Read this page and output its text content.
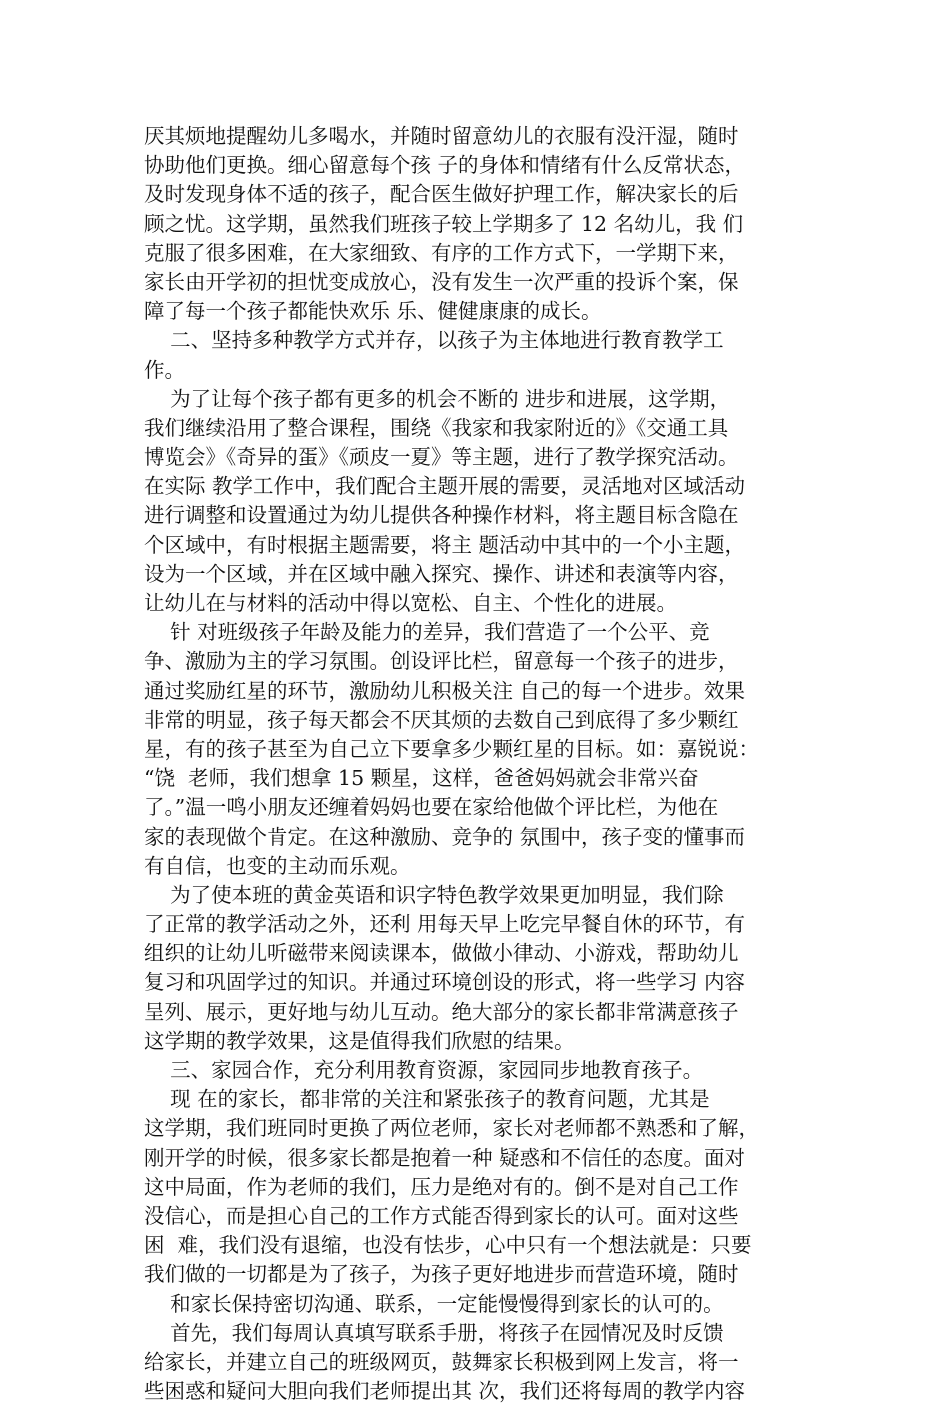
厌其烦地提醒幼儿多喝水，并随时留意幼儿的衣服有没汗湿，随时
协助他们更换。细心留意每个孩 子的身体和情绪有什么反常状态，
及时发现身体不适的孩子，配合医生做好护理工作，解决家长的后
顾之忧。这学期，虽然我们班孩子较上学期多了 12 名幼儿，我 们
克服了很多困难，在大家细致、有序的工作方式下，一学期下来，
家长由开学初的担忧变成放心，没有发生一次严重的投诉个案，保
障了每一个孩子都能快欢乐 乐、健健康康的成长。
二、坚持多种教学方式并存，以孩子为主体地进行教育教学工
作。
为了让每个孩子都有更多的机会不断的 进步和进展，这学期，
我们继续沿用了整合课程，围绕《我家和我家附近的》《交通工具
博览会》《奇异的蛋》《顽皮一夏》等主题，进行了教学探究活动。
在实际 教学工作中，我们配合主题开展的需要，灵活地对区域活动
进行调整和设置通过为幼儿提供各种操作材料，将主题目标含隐在
个区域中，有时根据主题需要，将主 题活动中其中的一个小主题，
设为一个区域，并在区域中融入探究、操作、讲述和表演等内容，
让幼儿在与材料的活动中得以宽松、自主、个性化的进展。
针 对班级孩子年龄及能力的差异，我们营造了一个公平、竞
争、激励为主的学习氛围。创设评比栏，留意每一个孩子的进步，
通过奖励红星的环节，激励幼儿积极关注 自己的每一个进步。效果
非常的明显，孩子每天都会不厌其烦的去数自己到底得了多少颗红
星，有的孩子甚至为自己立下要拿多少颗红星的目标。如：嘉锐说：
“饶  老师，我们想拿 15 颗星，这样，爸爸妈妈就会非常兴奋
了。”温一鸣小朋友还缠着妈妈也要在家给他做个评比栏，为他在
家的表现做个肯定。在这种激励、竞争的 氛围中，孩子变的懂事而
有自信，也变的主动而乐观。
为了使本班的黄金英语和识字特色教学效果更加明显，我们除
了正常的教学活动之外，还利 用每天早上吃完早餐自休的环节，有
组织的让幼儿听磁带来阅读课本，做做小律动、小游戏，帮助幼儿
复习和巩固学过的知识。并通过环境创设的形式，将一些学习 内容
呈列、展示，更好地与幼儿互动。绝大部分的家长都非常满意孩子
这学期的教学效果，这是值得我们欣慰的结果。
三、家园合作，充分利用教育资源，家园同步地教育孩子。
现 在的家长，都非常的关注和紧张孩子的教育问题，尤其是
这学期，我们班同时更换了两位老师，家长对老师都不熟悉和了解，
刚开学的时候，很多家长都是抱着一种 疑惑和不信任的态度。面对
这中局面，作为老师的我们，压力是绝对有的。倒不是对自己工作
没信心，而是担心自己的工作方式能否得到家长的认可。面对这些
困  难，我们没有退缩，也没有怯步，心中只有一个想法就是：只要
我们做的一切都是为了孩子，为孩子更好地进步而营造环境，随时
和家长保持密切沟通、联系，一定能慢慢得到家长的认可的。
首先，我们每周认真填写联系手册，将孩子在园情况及时反馈
给家长，并建立自己的班级网页，鼓舞家长积极到网上发言，将一
些困惑和疑问大胆向我们老师提出其 次，我们还将每周的教学内容
